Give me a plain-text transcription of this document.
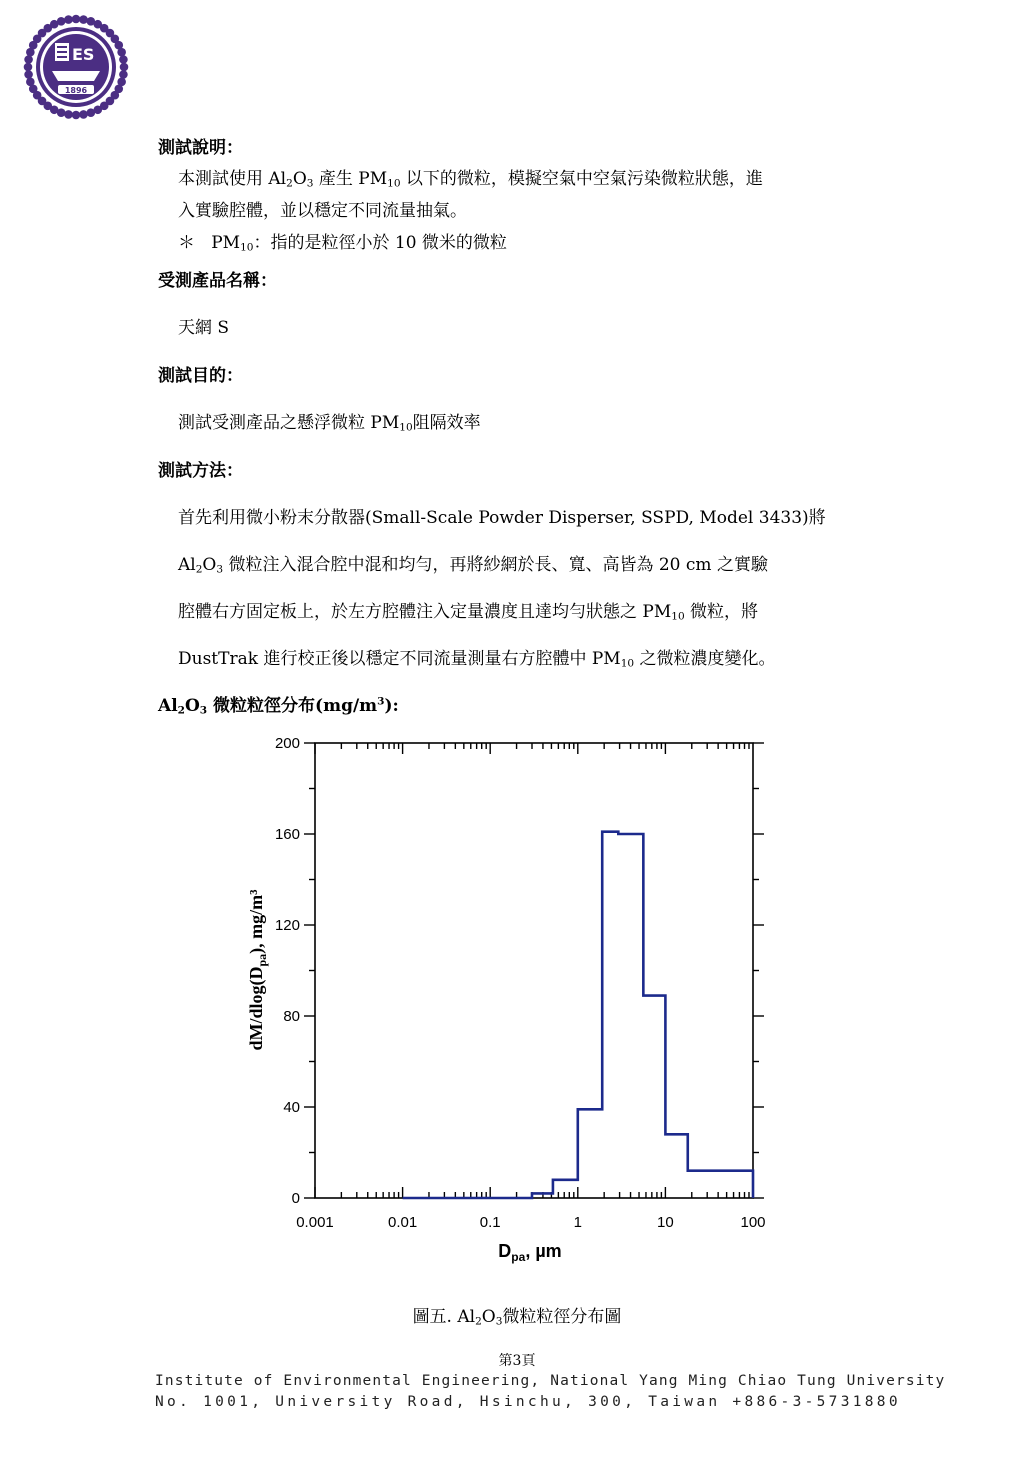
ES
1896
測試說明：
本測試使用 $Al_2O_3$ 產生 $PM_{10}$ 以下的微粒，模擬空氣中空氣污染微粒狀態，進
入實驗腔體，並以穩定不同流量抽氣。
＊ $PM_{10}$：指的是粒徑小於 10 微米的微粒
受測產品名稱：
天網 S
測試目的：
測試受測產品之懸浮微粒 $PM_{10}$阻隔效率
測試方法：
首先利用微小粉末分散器(Small-Scale Powder Disperser, SSPD, Model 3433)將
$Al_2O_3$ 微粒注入混合腔中混和均勻，再將紗網於長、寬、高皆為 20 cm 之實驗
腔體右方固定板上，於左方腔體注入定量濃度且達均勻狀態之 $PM_{10}$ 微粒，將
DustTrak 進行校正後以穩定不同流量測量右方腔體中 $PM_{10}$ 之微粒濃度變化。
$Al_2O_3$ 微粒粒徑分布$(mg/m^3)$:
0.001	0.01	0.1	1	10	100
0
40
80
120
160
200
$D_{pa}$, µm
$dM/dlog(D_{pa})$, mg/m³
圖五. $Al_2O_3$微粒粒徑分布圖
第3頁
Institute of Environmental Engineering, National Yang Ming Chiao Tung University
No. 1001, University Road, Hsinchu, 300, Taiwan +886-3-5731880
